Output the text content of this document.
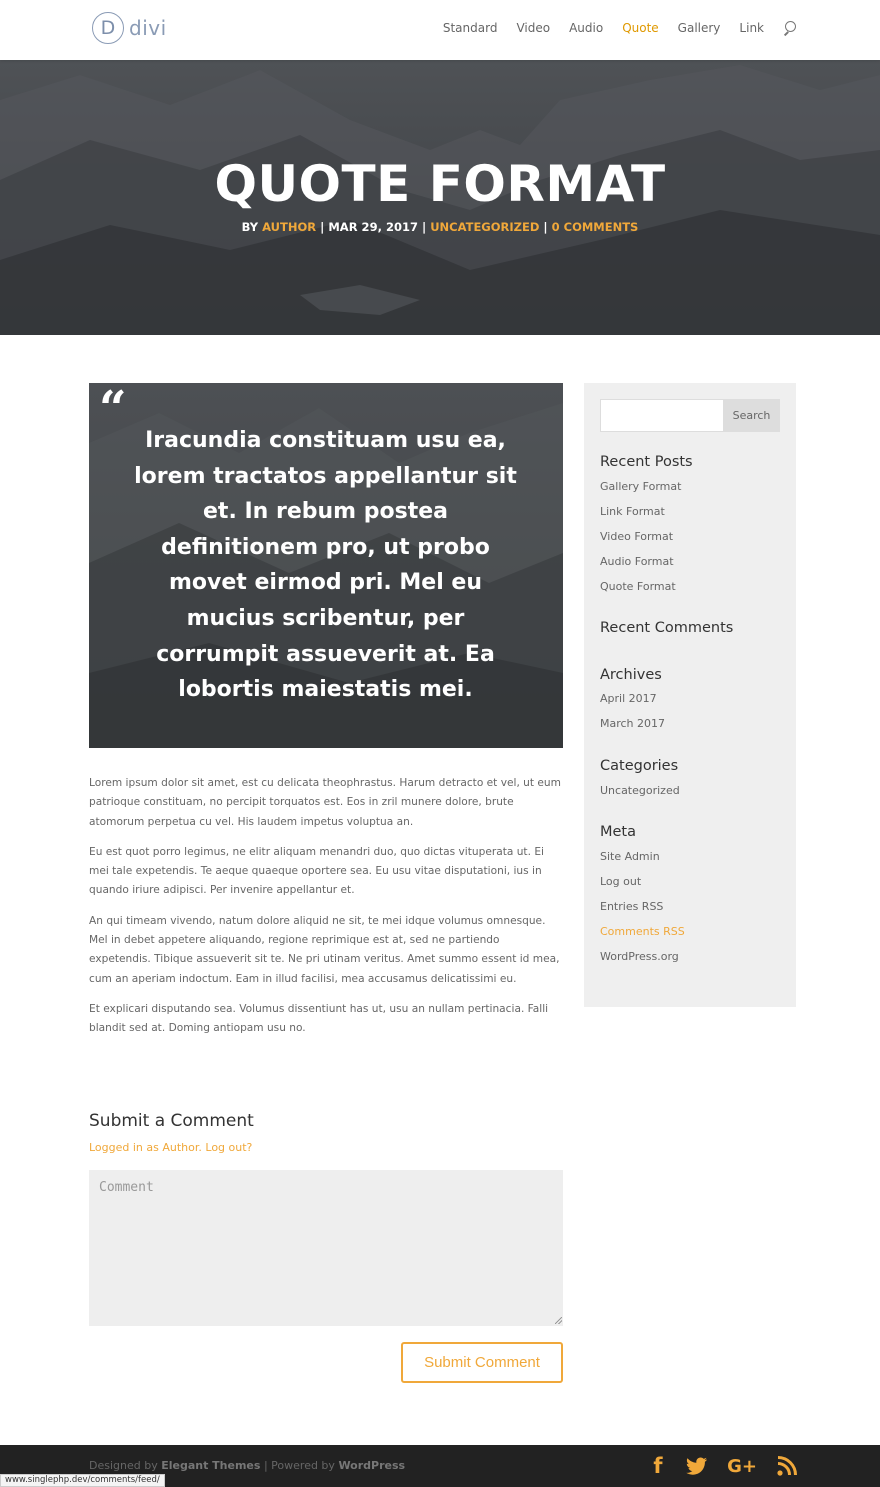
D divi	Standard Video Audio Quote Gallery Link
QUOTE FORMAT
BY AUTHOR | MAR 29, 2017 | UNCATEGORIZED | 0 COMMENTS
“
Iracundia constituam usu ea, lorem tractatos appellantur sit et. In rebum postea definitionem pro, ut probo movet eirmod pri. Mel eu mucius scribentur, per corrumpit assueverit at. Ea lobortis maiestatis mei.

Lorem ipsum dolor sit amet, est cu delicata theophrastus. Harum detracto et vel, ut eum patrioque constituam, no percipit torquatos est. Eos in zril munere dolore, brute atomorum perpetua cu vel. His laudem impetus voluptua an.

Eu est quot porro legimus, ne elitr aliquam menandri duo, quo dictas vituperata ut. Ei mei tale expetendis. Te aeque quaeque oportere sea. Eu usu vitae disputationi, ius in quando iriure adipisci. Per invenire appellantur et.

An qui timeam vivendo, natum dolore aliquid ne sit, te mei idque volumus omnesque. Mel in debet appetere aliquando, regione reprimique est at, sed ne partiendo expetendis. Tibique assueverit sit te. Ne pri utinam veritus. Amet summo essent id mea, cum an aperiam indoctum. Eam in illud facilisi, mea accusamus delicatissimi eu.

Et explicari disputando sea. Volumus dissentiunt has ut, usu an nullam pertinacia. Falli blandit sed at. Doming antiopam usu no.

Submit a Comment
Logged in as Author. Log out?
Comment
Submit Comment
Search
Recent Posts
Gallery Format
Link Format
Video Format
Audio Format
Quote Format
Recent Comments
Archives
April 2017
March 2017
Categories
Uncategorized
Meta
Site Admin
Log out
Entries RSS
Comments RSS
WordPress.org
Designed by Elegant Themes | Powered by WordPress	f	G+
www.singlephp.dev/comments/feed/
